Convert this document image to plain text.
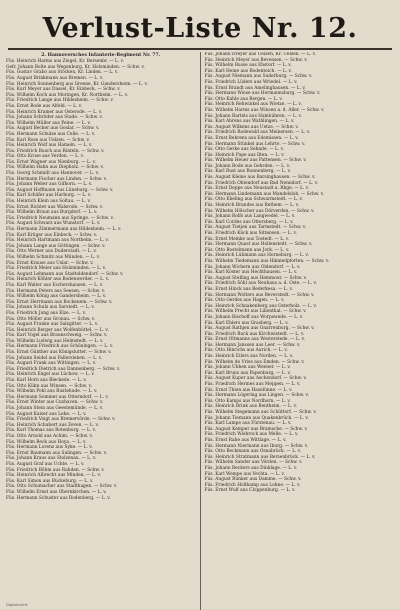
Verlust-Liste Nr. 12.
2. Hannoversches Infanterie-Regiment Nr. 77.

Füs. Heinrich Harms aus Ziegel, Kr. Bersenbr. — L. v.

Gefr. Johann Bolte aus Wegenburg, Kr. Holzminden. — Schw. v.

Füs. Gustav Grabo aus Stöcken, Kr. Linden. — L. v.

Füs. August Brinkmann aus Bremen. — L. v.

Füs. Heinrich Sonnenberg aus Greene, Kr. Gandersheim. — L. v.

Füs. Karl Meyer aus Dassel, Kr. Einbeck. — Schw. v.

Füs. Wilhelm Koch aus Moringen, Kr. Northeim. — L. v.

Füs. Friedrich Lange aus Hildesheim. — Schw. v.

Füs. Ernst Bode aus Alfeld. — L. v.

Füs. Heinrich Kramer aus Osterode. — L. v.

Füs. Johann Schröder aus Stade. — Schw. v.

Füs. Wilhelm Müller aus Peine. — L. v.

Füs. August Becker aus Goslar. — Schw. v.

Füs. Hermann Schulze aus Celle. — L. v.

Füs. Karl Rose aus Uelzen. — Schw. v.

Füs. Heinrich Wolf aus Hameln. — L. v.

Füs. Friedrich Busch aus Rinteln. — Schw. v.

Füs. Otto Kruse aus Verden. — L. v.

Füs. Ernst Wagner aus Nienburg. — L. v.

Füs. Wilhelm Hahn aus Diepholz. — Schw. v.

Füs. Georg Schmidt aus Hannover. — L. v.

Füs. Hermann Fischer aus Linden. — Schw. v.

Füs. Johann Weber aus Gifhorn. — L. v.

Füs. August Hoffmann aus Lüneburg. — Schw. v.

Füs. Karl Schäfer aus Harburg. — L. v.

Füs. Heinrich Klein aus Soltau. — L. v.

Füs. Ernst Richter aus Walsrode. — Schw. v.

Füs. Wilhelm Braun aus Burgdorf. — L. v.

Füs. Friedrich Neumann aus Springe. — Schw. v.

Füs. August Schwarz aus Wunstorf. — L. v.

Füs. Hermann Zimmermann aus Hildesheim. — L. v.

Füs. Karl Krüger aus Einbeck. — Schw. v.

Füs. Heinrich Hartmann aus Northeim. — L. v.

Füs. Johann Lange aus Göttingen. — Schw. v.

Füs. Otto Werner aus Duderstadt. — L. v.

Füs. Wilhelm Schmitz aus Münden. — L. v.

Füs. Ernst Krause aus Uslar. — Schw. v.

Füs. Friedrich Meier aus Holzminden. — L. v.

Füs. August Lehmann aus Stadtoldendorf. — Schw. v.

Füs. Heinrich Köhler aus Bodenwerder. — L. v.

Füs. Karl Walter aus Eschershausen. — L. v.

Füs. Hermann Peters aus Seesen. — Schw. v.

Füs. Wilhelm König aus Gandersheim. — L. v.

Füs. Ernst Herrmann aus Bockenem. — Schw. v.

Füs. Johann Schulz aus Sarstedt. — L. v.

Füs. Friedrich Jung aus Elze. — L. v.

Füs. Otto Möller aus Gronau. — Schw. v.

Füs. August Franke aus Salzgitter. — L. v.

Füs. Heinrich Berger aus Wolfenbüttel. — L. v.

Füs. Karl Vogel aus Braunschweig. — Schw. v.

Füs. Wilhelm Ludwig aus Helmstedt. — L. v.

Füs. Hermann Friedrich aus Schöningen. — L. v.

Füs. Ernst Günther aus Königslutter. — Schw. v.

Füs. Johann Seidel aus Fallersleben. — L. v.

Füs. August Frank aus Wittingen. — L. v.

Füs. Friedrich Dietrich aus Dannenberg. — Schw. v.

Füs. Heinrich Engel aus Lüchow. — L. v.

Füs. Karl Horn aus Bleckede. — L. v.

Füs. Otto Kühn aus Winsen. — Schw. v.

Füs. Wilhelm Pohl aus Buxtehude. — L. v.

Füs. Hermann Sommer aus Otterndorf. — L. v.

Füs. Ernst Winter aus Cuxhaven. — Schw. v.

Füs. Johann Stein aus Geestemünde. — L. v.

Füs. August Kaiser aus Lehe. — L. v.

Füs. Friedrich Voigt aus Bremervörde. — Schw. v.

Füs. Heinrich Schubert aus Zeven. — L. v.

Füs. Karl Thomas aus Rotenburg. — L. v.

Füs. Otto Arnold aus Achim. — Schw. v.

Füs. Wilhelm Beck aus Hoya. — L. v.

Füs. Hermann Lorenz aus Syke. — L. v.

Füs. Ernst Baumann aus Sulingen. — Schw. v.

Füs. Johann Kraus aus Stolzenau. — L. v.

Füs. August Graf aus Uchte. — L. v.

Füs. Friedrich Böhm aus Rahden. — Schw. v.

Füs. Heinrich Albrecht aus Minden. — L. v.

Füs. Karl Simon aus Bückeburg. — L. v.

Füs. Otto Schumacher aus Stadthagen. — Schw. v.

Füs. Wilhelm Ernst aus Obernkirchen. — L. v.

Füs. Hermann Schuster aus Rodenberg. — L. v.

Füs. Johann Dreyer aus Uelzen, Kr. Uelzen. — L. v.

Füs. Heinrich Meyer aus Bevensen. — Schw. v.

Füs. Wilhelm Busse aus Ebstorf. — L. v.

Füs. Karl Heine aus Bodenteich. — L. v.

Füs. August Niemann aus Suderburg. — Schw. v.

Füs. Friedrich Lüders aus Wriedel. — L. v.

Füs. Ernst Brandt aus Amelinghausen. — L. v.

Füs. Hermann Wiese aus Hermannsburg. — Schw. v.

Füs. Otto Kahle aus Bergen. — L. v.

Füs. Heinrich Rehwinkel aus Wietze. — L. v.

Füs. Wilhelm Harms aus Winsen a. d. Aller. — Schw. v.

Füs. Johann Bartels aus Hambühren. — L. v.

Füs. Karl Ahrens aus Wathlingen. — L. v.

Füs. August Wilkens aus Uetze. — Schw. v.

Füs. Friedrich Rodewald aus Meinersen. — L. v.

Füs. Ernst Behrens aus Edemissen. — L. v.

Füs. Hermann Stünkel aus Lehrte. — Schw. v.

Füs. Otto Gerke aus Sehnde. — L. v.

Füs. Heinrich Pape aus Ilten. — L. v.

Füs. Wilhelm Heuer aus Pattensen. — Schw. v.

Füs. Johann Bode aus Gehrden. — L. v.

Füs. Karl Rust aus Ronnenberg. — L. v.

Füs. August Kleine aus Barsinghausen. — Schw. v.

Füs. Friedrich Ohlendorf aus Bad Nenndorf. — L. v.

Füs. Ernst Deppe aus Neustadt a. Rbge. — L. v.

Füs. Hermann Lindemann aus Mandelsloh. — Schw. v.

Füs. Otto Ebeling aus Schwarmstedt. — L. v.

Füs. Heinrich Brandes aus Rethem. — L. v.

Füs. Wilhelm Hölscher aus Dörverden. — Schw. v.

Füs. Johann Rolfs aus Langwedel. — L. v.

Füs. Karl Cordes aus Ottersberg. — L. v.

Füs. August Tietjen aus Tarmstedt. — Schw. v.

Füs. Friedrich Kück aus Sittensen. — L. v.

Füs. Ernst Meinke aus Tostedt. — L. v.

Füs. Hermann Quast aus Hollenstedt. — Schw. v.

Füs. Otto Bostelmann aus Jork. — L. v.

Füs. Heinrich Lühmann aus Horneburg. — L. v.

Füs. Wilhelm Tiedemann aus Himmelpforten. — Schw. v.

Füs. Johann Wichern aus Oldendorf. — L. v.

Füs. Karl Köster aus Hechthausen. — L. v.

Füs. August Stelling aus Hemmoor. — Schw. v.

Füs. Friedrich Söhl aus Neuhaus a. d. Oste. — L. v.

Füs. Ernst Hinck aus Bederkesa. — L. v.

Füs. Hermann Wolters aus Beverstedt. — Schw. v.

Füs. Otto Gerdes aus Hagen. — L. v.

Füs. Heinrich Schnakenberg aus Osterholz. — L. v.

Füs. Wilhelm Precht aus Lilienthal. — Schw. v.

Füs. Johann Bischoff aus Worpswede. — L. v.

Füs. Karl Ehlers aus Grasberg. — L. v.

Füs. August Rathjen aus Gnarrenburg. — Schw. v.

Füs. Friedrich Buck aus Kirchwistedt. — L. v.

Füs. Ernst Oltmanns aus Westerstede. — L. v.

Füs. Hermann Janssen aus Leer. — Schw. v.

Füs. Otto Hinrichs aus Aurich. — L. v.

Füs. Heinrich Eilers aus Norden. — L. v.

Füs. Wilhelm de Vries aus Emden. — Schw. v.

Füs. Johann Ubben aus Weener. — L. v.

Füs. Karl Bruns aus Papenburg. — L. v.

Füs. August Kuper aus Aschendorf. — Schw. v.

Füs. Friedrich Hermes aus Meppen. — L. v.

Füs. Ernst Thien aus Haselünne. — L. v.

Füs. Hermann Lögering aus Lingen. — Schw. v.

Füs. Otto Kamps aus Nordhorn. — L. v.

Füs. Heinrich Brink aus Bentheim. — L. v.

Füs. Wilhelm Stegemann aus Schüttorf. — Schw. v.

Füs. Johann Tiemann aus Quakenbrück. — L. v.

Füs. Karl Lampe aus Fürstenau. — L. v.

Füs. August Kemper aus Bramsche. — Schw. v.

Füs. Friedrich Wiebrock aus Melle. — L. v.

Füs. Ernst Rahe aus Wittlage. — L. v.

Füs. Hermann Niermann aus Iburg. — Schw. v.

Füs. Otto Beckmann aus Osnabrück. — L. v.

Füs. Heinrich Stratmann aus Bersenbrück. — L. v.

Füs. Wilhelm Sander aus Vörden. — Schw. v.

Füs. Johann Reckers aus Dinklage. — L. v.

Füs. Karl Wempe aus Vechta. — L. v.

Füs. August Bünker aus Damme. — Schw. v.

Füs. Friedrich Holtkamp aus Lohne. — L. v.

Füs. Ernst Wulf aus Cloppenburg. — L. v.

Digitalisiert
